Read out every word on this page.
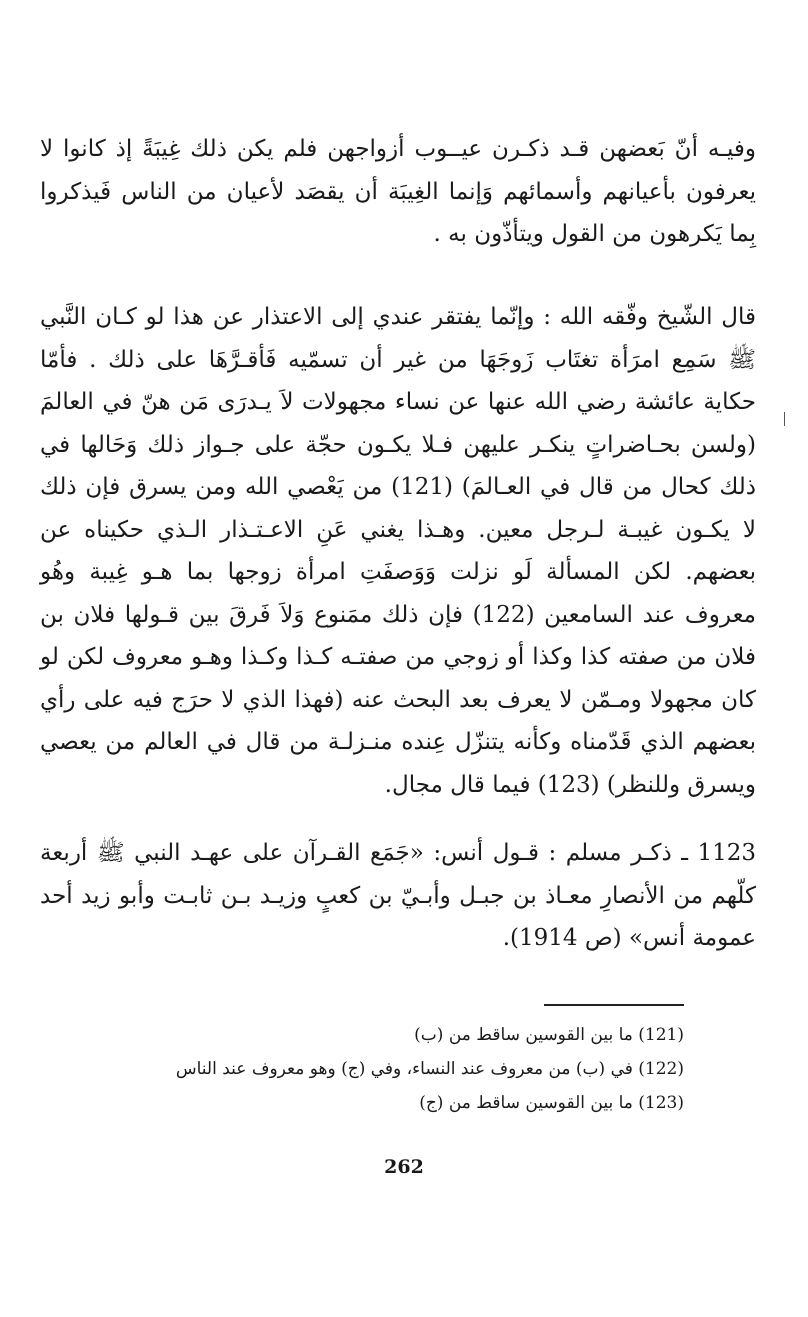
وفيـه أنّ بَعضهن قـد ذكـرن عيــوب أزواجهن فلم يكن ذلك غِيبَةً إذ كانوا لا يعرفون بأعيانهم وأسمائهم وَإنما الغِيبَة أن يقصَد لأعيان من الناس فَيذكروا بِما يَكرهون من القول ويتأذّون به .

قال الشّيخ وفّقه الله : وإنّما يفتقر عندي إلى الاعتذار عن هذا لو كـان النَّبي ﷺ سَمِع امرَأة تغتَاب زَوجَهَا من غير أن تسمّيه فَأقـرَّهَا على ذلك . فأمّا حكاية عائشة رضي الله عنها عن نساء مجهولات لاَ يـدرَى مَن هنّ في العالمَ (ولسن بحـاضراتٍ ينكـر عليهن فـلا يكـون حجّة على جـواز ذلك وَحَالها في ذلك كحال من قال في العـالمَ) (121) من يَعْصي الله ومن يسرق فإن ذلك لا يكـون غيبـة لـرجل معين. وهـذا يغني عَنِ الاعـتـذار الـذي حكيناه عن بعضهم. لكن المسألة لَو نزلت وَوَصفَتِ امرأة زوجها بما هـو غِيبة وهُو معروف عند السامعين (122) فإن ذلك ممَنوع وَلاَ فَرقَ بين قـولها فلان بن فلان من صفته كذا وكذا أو زوجي من صفتـه كـذا وكـذا وهـو معروف لكن لو كان مجهولا ومـمّن لا يعرف بعد البحث عنه (فهذا الذي لا حرَج فيه على رأي بعضهم الذي قَدّمناه وكأنه يتنزّل عِنده منـزلـة من قال في العالم من يعصي ويسرق وللنظر) (123) فيما قال مجال.

1123 ـ ذكـر مسلم : قـول أنس: «جَمَع القـرآن على عهـد النبي ﷺ أربعة كلّهم من الأنصارِ معـاذ بن جبـل وأبـيّ بن كعبٍ وزيـد بـن ثابـت وأبو زيد أحد عمومة أنس» (ص 1914).

(121) ما بين القوسين ساقط من (ب)
(122) في (ب) من معروف عند النساء، وفي (ج) وهو معروف عند الناس
(123) ما بين القوسين ساقط من (ج)
262
